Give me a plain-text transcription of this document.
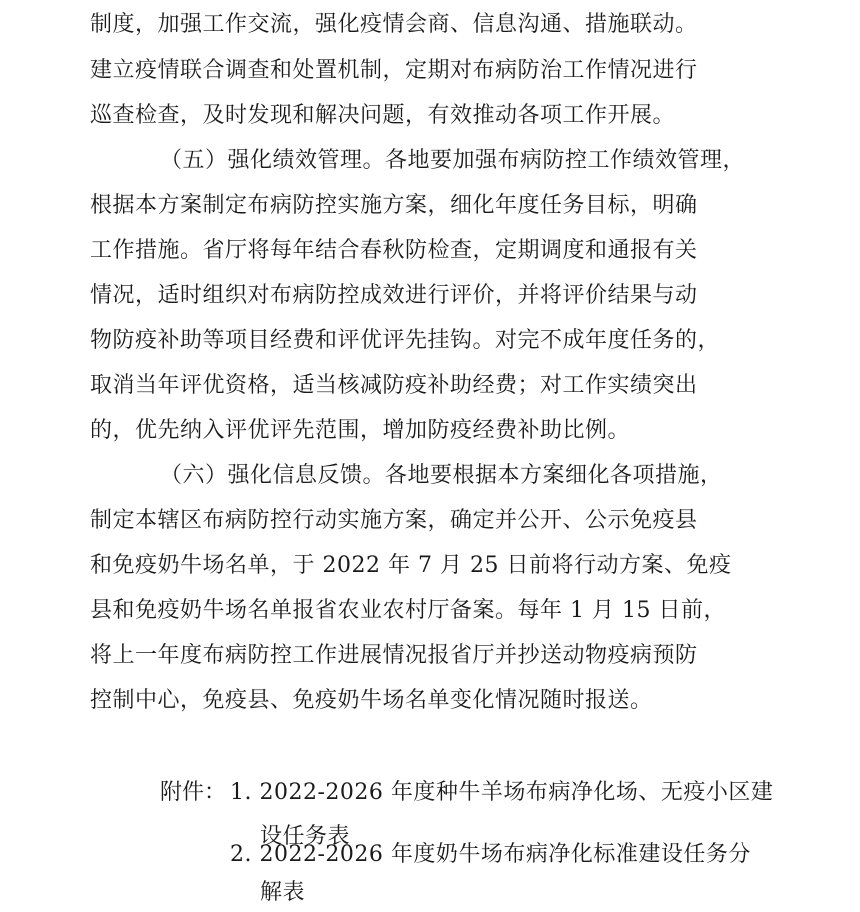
制度，加强工作交流，强化疫情会商、信息沟通、措施联动。
建立疫情联合调查和处置机制，定期对布病防治工作情况进行
巡查检查，及时发现和解决问题，有效推动各项工作开展。
（五）强化绩效管理。各地要加强布病防控工作绩效管理，
根据本方案制定布病防控实施方案，细化年度任务目标，明确
工作措施。省厅将每年结合春秋防检查，定期调度和通报有关
情况，适时组织对布病防控成效进行评价，并将评价结果与动
物防疫补助等项目经费和评优评先挂钩。对完不成年度任务的，
取消当年评优资格，适当核减防疫补助经费；对工作实绩突出
的，优先纳入评优评先范围，增加防疫经费补助比例。
（六）强化信息反馈。各地要根据本方案细化各项措施，
制定本辖区布病防控行动实施方案，确定并公开、公示免疫县
和免疫奶牛场名单，于 2022 年 7 月 25 日前将行动方案、免疫
县和免疫奶牛场名单报省农业农村厅备案。每年 1 月 15 日前，
将上一年度布病防控工作进展情况报省厅并抄送动物疫病预防
控制中心，免疫县、免疫奶牛场名单变化情况随时报送。
附件： 1. 2022-2026 年度种牛羊场布病净化场、无疫小区建
设任务表
2. 2022-2026 年度奶牛场布病净化标准建设任务分
解表
